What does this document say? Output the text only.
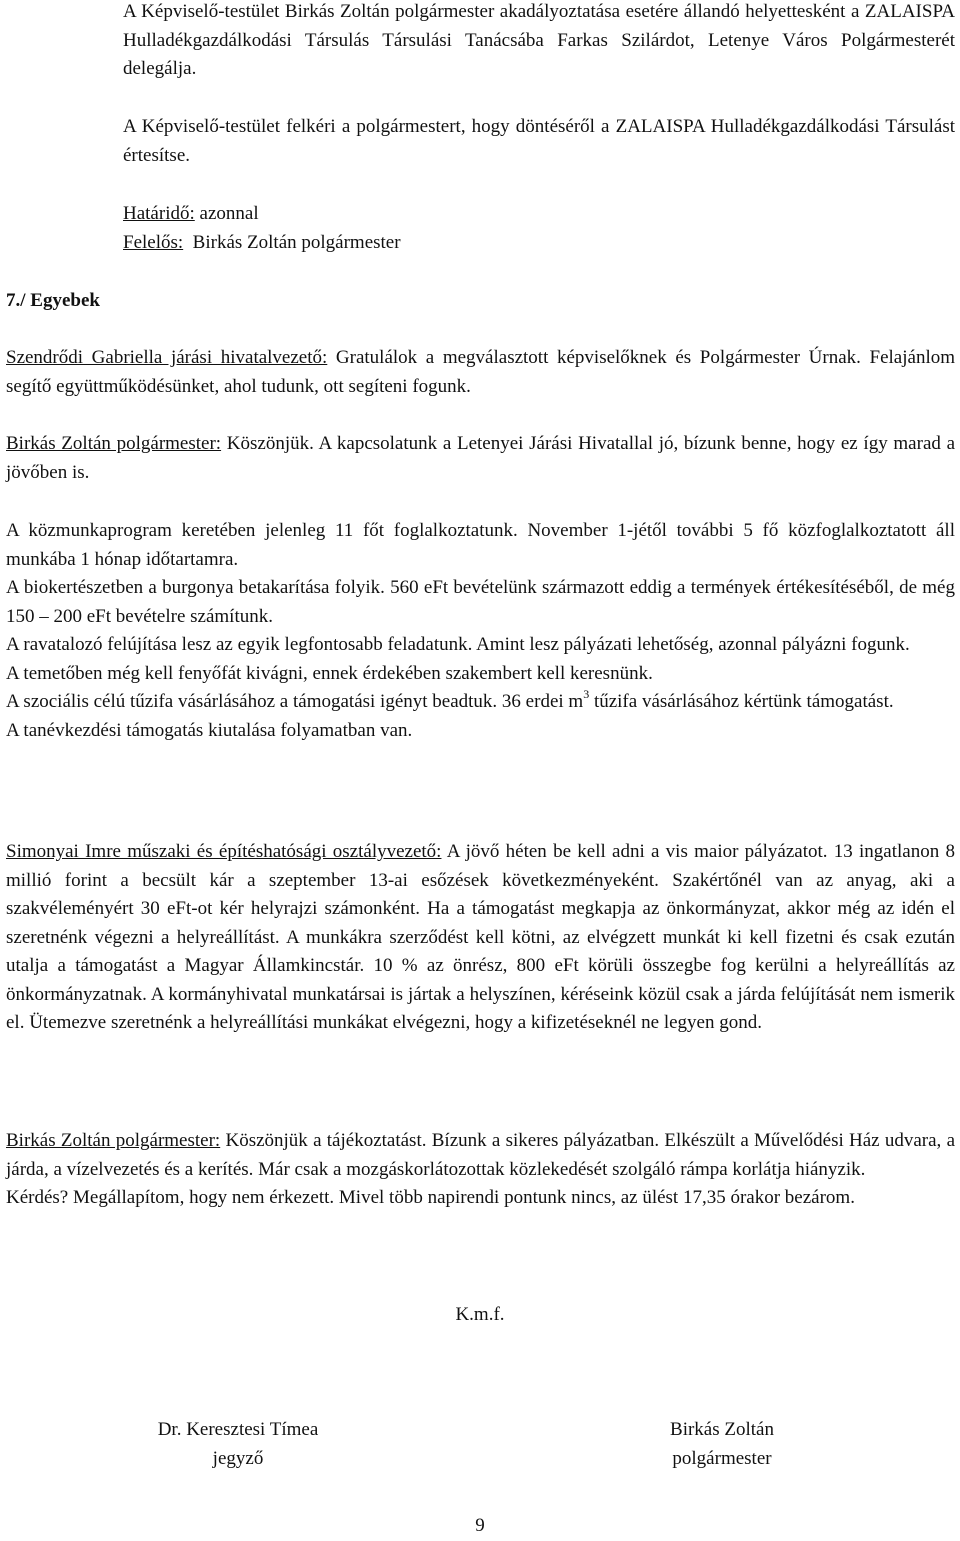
A Képviselő-testület Birkás Zoltán polgármester akadályoztatása esetére állandó helyettesként a ZALAISPA Hulladékgazdálkodási Társulás Társulási Tanácsába Farkas Szilárdot, Letenye Város Polgármesterét delegálja.

A Képviselő-testület felkéri a polgármestert, hogy döntéséről a ZALAISPA Hulladékgazdálkodási Társulást értesítse.

Határidő: azonnal

Felelős: Birkás Zoltán polgármester

7./ Egyebek

Szendrődi Gabriella járási hivatalvezető: Gratulálok a megválasztott képviselőknek és Polgármester Úrnak. Felajánlom segítő együttműködésünket, ahol tudunk, ott segíteni fogunk.

Birkás Zoltán polgármester: Köszönjük. A kapcsolatunk a Letenyei Járási Hivatallal jó, bízunk benne, hogy ez így marad a jövőben is.

A közmunkaprogram keretében jelenleg 11 főt foglalkoztatunk. November 1-jétől további 5 fő közfoglalkoztatott áll munkába 1 hónap időtartamra.

A biokertészetben a burgonya betakarítása folyik. 560 eFt bevételünk származott eddig a termények értékesítéséből, de még 150 – 200 eFt bevételre számítunk.

A ravatalozó felújítása lesz az egyik legfontosabb feladatunk. Amint lesz pályázati lehetőség, azonnal pályázni fogunk.

A temetőben még kell fenyőfát kivágni, ennek érdekében szakembert kell keresnünk.

A szociális célú tűzifa vásárlásához a támogatási igényt beadtuk. 36 erdei $m^3$ tűzifa vásárlásához kértünk támogatást.

A tanévkezdési támogatás kiutalása folyamatban van.

Simonyai Imre műszaki és építéshatósági osztályvezető: A jövő héten be kell adni a vis maior pályázatot. 13 ingatlanon 8 millió forint a becsült kár a szeptember 13-ai esőzések következményeként. Szakértőnél van az anyag, aki a szakvéleményért 30 eFt-ot kér helyrajzi számonként. Ha a támogatást megkapja az önkormányzat, akkor még az idén el szeretnénk végezni a helyreállítást. A munkákra szerződést kell kötni, az elvégzett munkát ki kell fizetni és csak ezután utalja a támogatást a Magyar Államkincstár. 10 % az önrész, 800 eFt körüli összegbe fog kerülni a helyreállítás az önkormányzatnak. A kormányhivatal munkatársai is jártak a helyszínen, kéréseink közül csak a járda felújítását nem ismerik el. Ütemezve szeretnénk a helyreállítási munkákat elvégezni, hogy a kifizetéseknél ne legyen gond.

Birkás Zoltán polgármester: Köszönjük a tájékoztatást. Bízunk a sikeres pályázatban. Elkészült a Művelődési Ház udvara, a járda, a vízelvezetés és a kerítés. Már csak a mozgáskorlátozottak közlekedését szolgáló rámpa korlátja hiányzik.

Kérdés? Megállapítom, hogy nem érkezett. Mivel több napirendi pontunk nincs, az ülést 17,35 órakor bezárom.

K.m.f.

Dr. Keresztesi Tímea

jegyző

Birkás Zoltán

polgármester

9
